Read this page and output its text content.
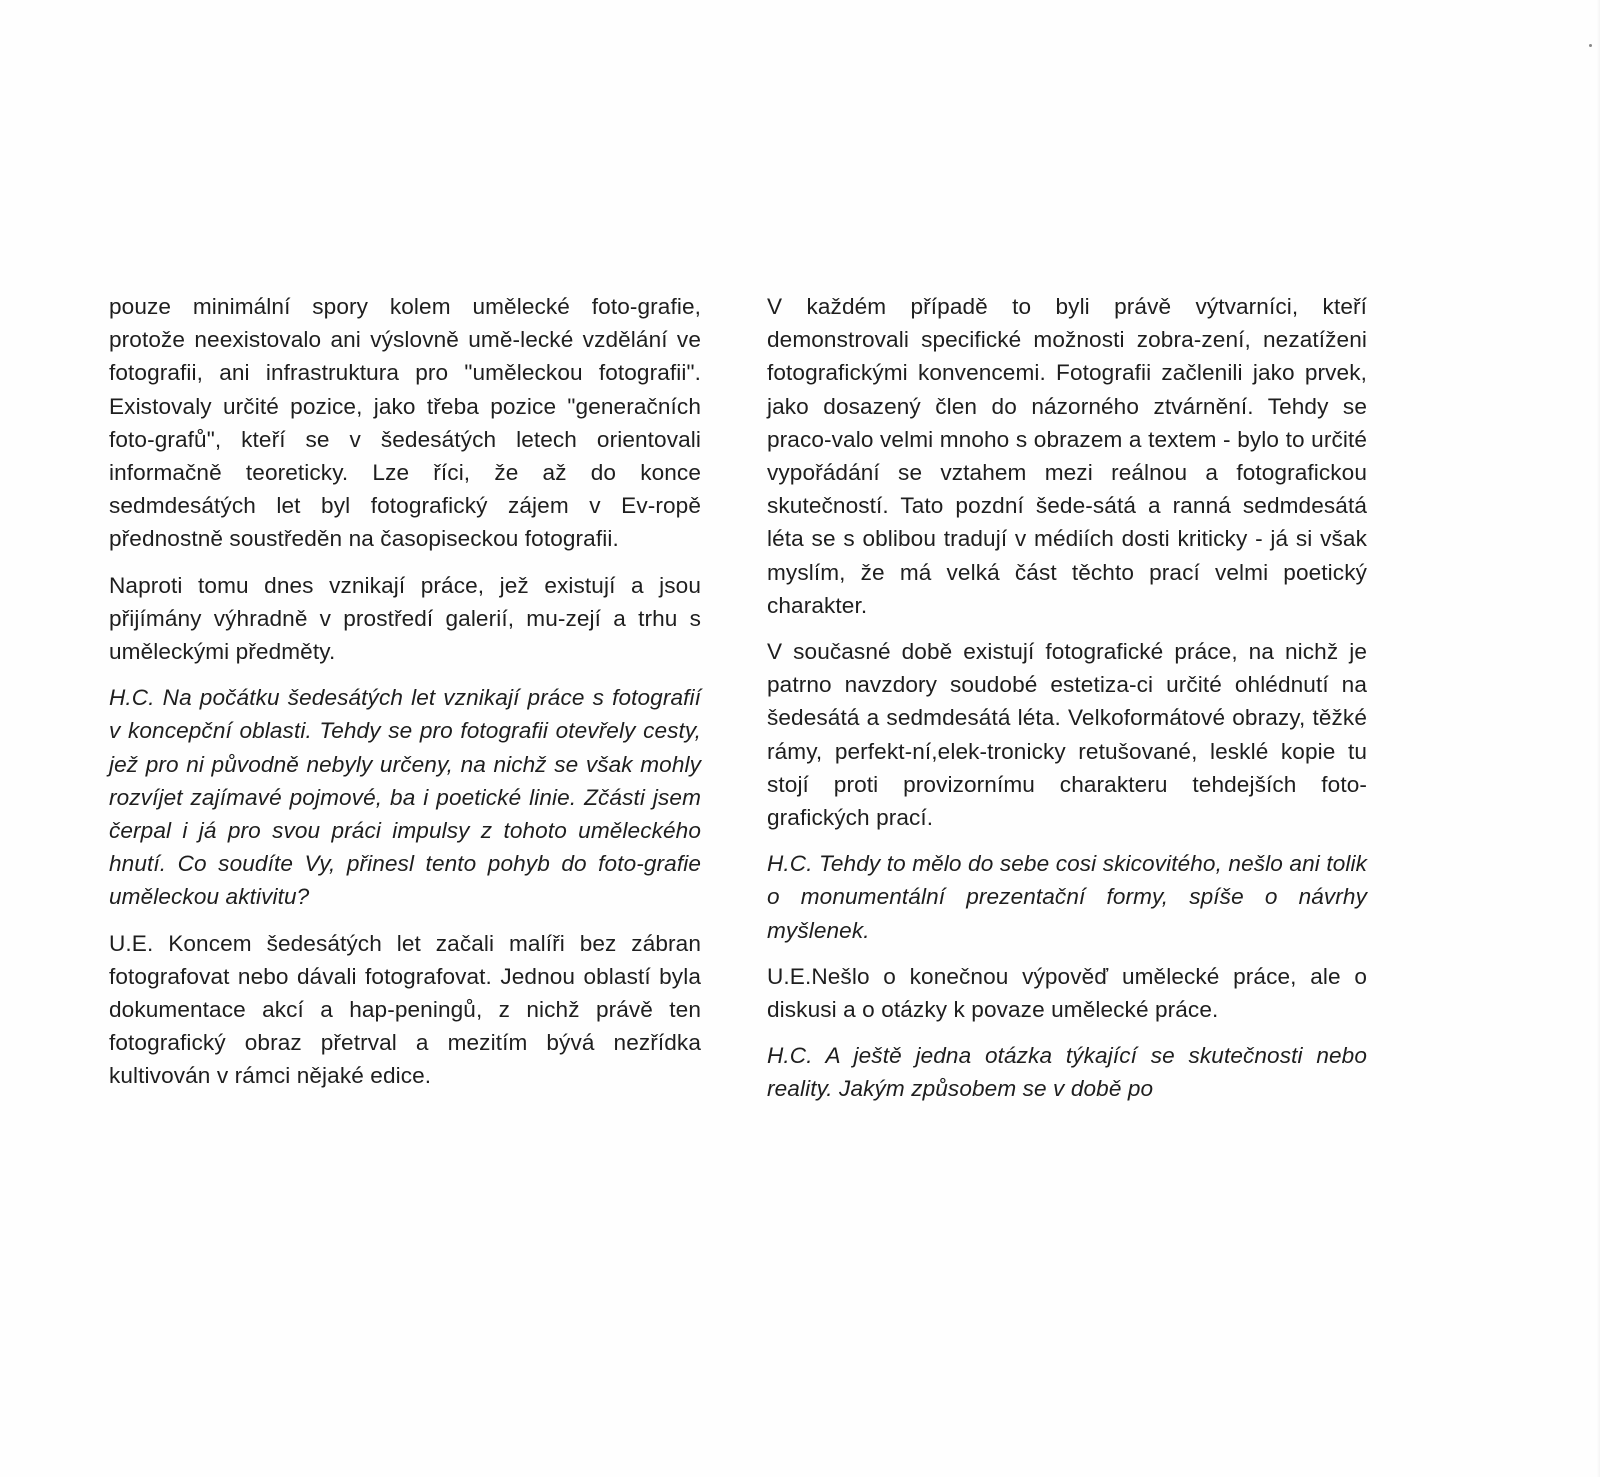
pouze minimální spory kolem umělecké foto-grafie, protože neexistovalo ani výslovně umě-lecké vzdělání ve fotografii, ani infrastruktura pro "uměleckou fotografii". Existovaly určité pozice, jako třeba pozice "generačních foto-grafů", kteří se v šedesátých letech orientovali informačně teoreticky. Lze říci, že až do konce sedmdesátých let byl fotografický zájem v Ev-ropě přednostně soustředěn na časopiseckou fotografii.

Naproti tomu dnes vznikají práce, jež existují a jsou přijímány výhradně v prostředí galerií, mu-zejí a trhu s uměleckými předměty.

H.C. Na počátku šedesátých let vznikají práce s fotografií v koncepční oblasti. Tehdy se pro fotografii otevřely cesty, jež pro ni původně nebyly určeny, na nichž se však mohly rozvíjet zajímavé pojmové, ba i poetické linie. Zčásti jsem čerpal i já pro svou práci impulsy z tohoto uměleckého hnutí. Co soudíte Vy, přinesl tento pohyb do foto-grafie uměleckou aktivitu?

U.E. Koncem šedesátých let začali malíři bez zábran fotografovat nebo dávali fotografovat. Jednou oblastí byla dokumentace akcí a hap-peningů, z nichž právě ten fotografický obraz přetrval a mezitím bývá nezřídka kultivován v rámci nějaké edice.

V každém případě to byli právě výtvarníci, kteří demonstrovali specifické možnosti zobra-zení, nezatíženi fotografickými konvencemi. Fotografii začlenili jako prvek, jako dosazený člen do názorného ztvárnění. Tehdy se praco-valo velmi mnoho s obrazem a textem - bylo to určité vypořádání se vztahem mezi reálnou a fotografickou skutečností. Tato pozdní šede-sátá a ranná sedmdesátá léta se s oblibou tradují v médiích dosti kriticky - já si však myslím, že má velká část těchto prací velmi poetický charakter.

V současné době existují fotografické práce, na nichž je patrno navzdory soudobé estetiza-ci určité ohlédnutí na šedesátá a sedmdesátá léta. Velkoformátové obrazy, těžké rámy, perfekt-ní,elek-tronicky retušované, lesklé kopie tu stojí proti provizornímu charakteru tehdejších foto-grafických prací.

H.C. Tehdy to mělo do sebe cosi skicovitého, nešlo ani tolik o monumentální prezentační formy, spíše o návrhy myšlenek.

U.E.Nešlo o konečnou výpověď umělecké práce, ale o diskusi a o otázky k povaze umělecké práce.

H.C. A ještě jedna otázka týkající se skutečnosti nebo reality. Jakým způsobem se v době po
